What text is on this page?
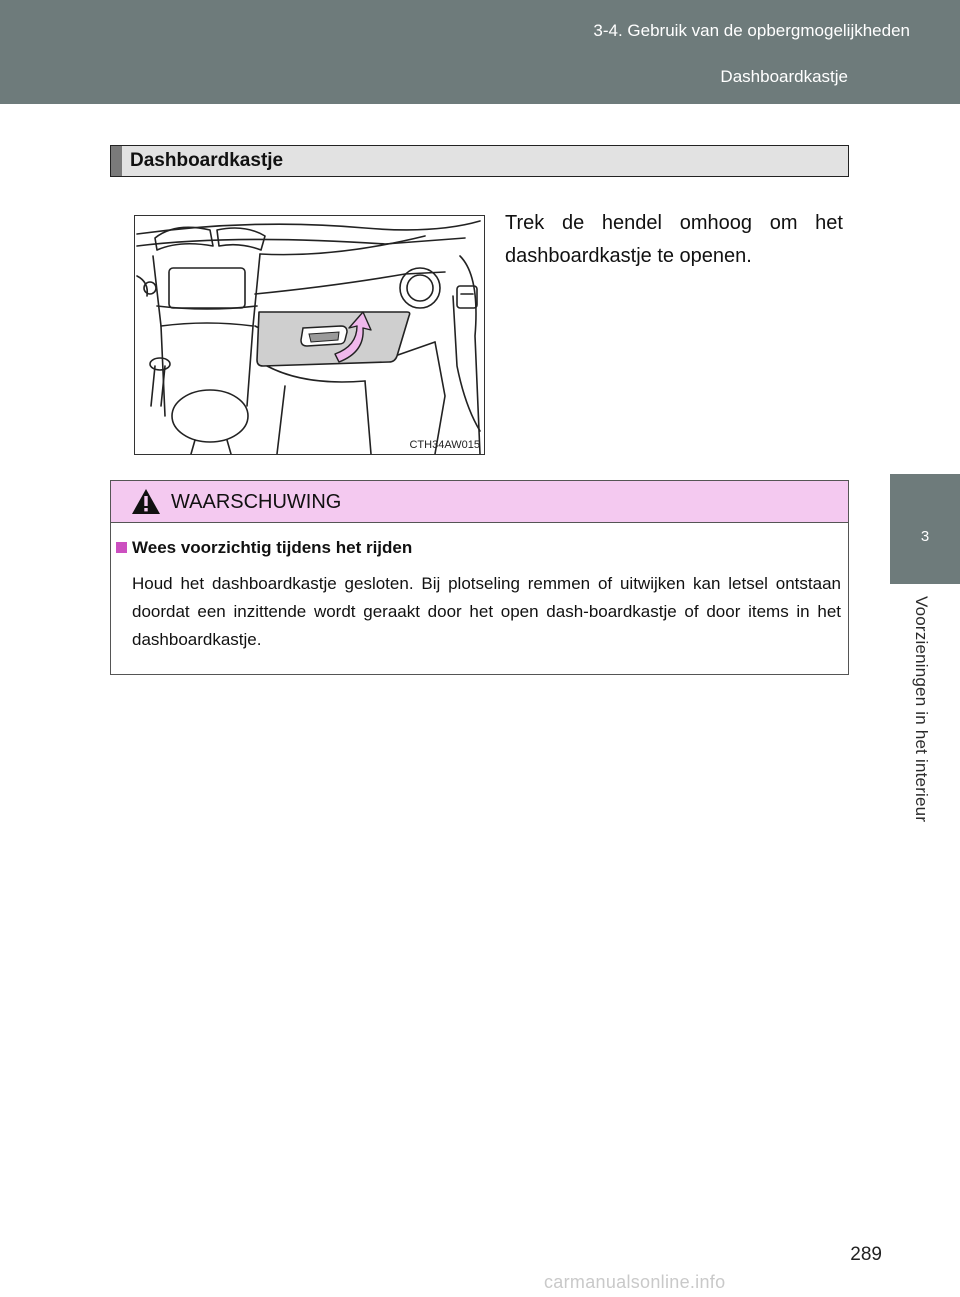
3-4. Gebruik van de opbergmogelijkheden
Dashboardkastje
3
Voorzieningen in het interieur
Dashboardkastje
CTH34AW015
Trek de hendel omhoog om het dashboardkastje te openen.
WAARSCHUWING
Wees voorzichtig tijdens het rijden
Houd het dashboardkastje gesloten. Bij plotseling remmen of uitwijken kan letsel ontstaan doordat een inzittende wordt geraakt door het open dash-boardkastje of door items in het dashboardkastje.
289
carmanualsonline.info
